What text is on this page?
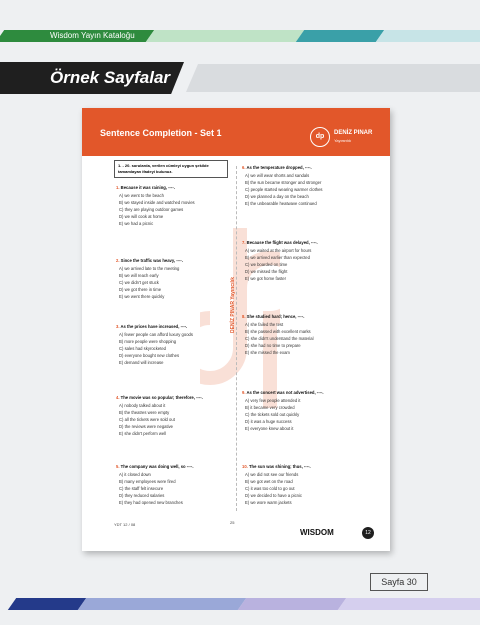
Wisdom Yayın Kataloğu
Örnek Sayfalar
Sentence Completion - Set 1	dp	DENİZ PINAR
Yayıncılık
DENİZ PINAR Yayıncılık
1. - 20. sorularda, verilen cümleyi uygun şekilde tamamlayan ifadeyi bulunuz.
1. Because it was raining, ----.
A) we went to the beach
B) we stayed inside and watched movies
C) they are playing outdoor games
D) we will cook at home
E) we had a picnic
2. Since the traffic was heavy, ----.
A) we arrived late to the meeting
B) we will reach early
C) we didn't get stuck
D) we got there in time
E) we went there quickly
3. As the prices have increased, ----.
A) fewer people can afford luxury goods
B) more people were shopping
C) sales had skyrocketed
D) everyone bought new clothes
E) demand will increase
4. The movie was so popular; therefore, ----.
A) nobody talked about it
B) the theatres were empty
C) all the tickets were sold out
D) the reviews were negative
E) she didn't perform well
5. The company was doing well, so ----.
A) it closed down
B) many employees were fired
C) the staff felt insecure
D) they reduced salaries
E) they had opened new branches
6. As the temperature dropped, ----.
A) we will wear shorts and sandals
B) the sun became stronger and stronger
C) people started wearing warmer clothes
D) we planned a day on the beach
E) the unbearable heatwave continued
7. Because the flight was delayed, ----.
A) we waited at the airport for hours
B) we arrived earlier than expected
C) we boarded on time
D) we missed the flight
E) we got home faster
8. She studied hard; hence, ----.
A) she failed the test
B) she passed with excellent marks
C) she didn't understand the material
D) she had no time to prepare
E) she missed the exam
9. As the concert was not advertised, ----.
A) very few people attended it
B) it became very crowded
C) the tickets sold out quickly
D) it was a huge success
E) everyone knew about it
10. The sun was shining; thus, ----.
A) we did not see our friends
B) we got wet on the road
C) it was too cold to go out
D) we decided to have a picnic
E) we wore warm jackets
YDT 12 / 08	25
WISDOM	12
Sayfa 30
